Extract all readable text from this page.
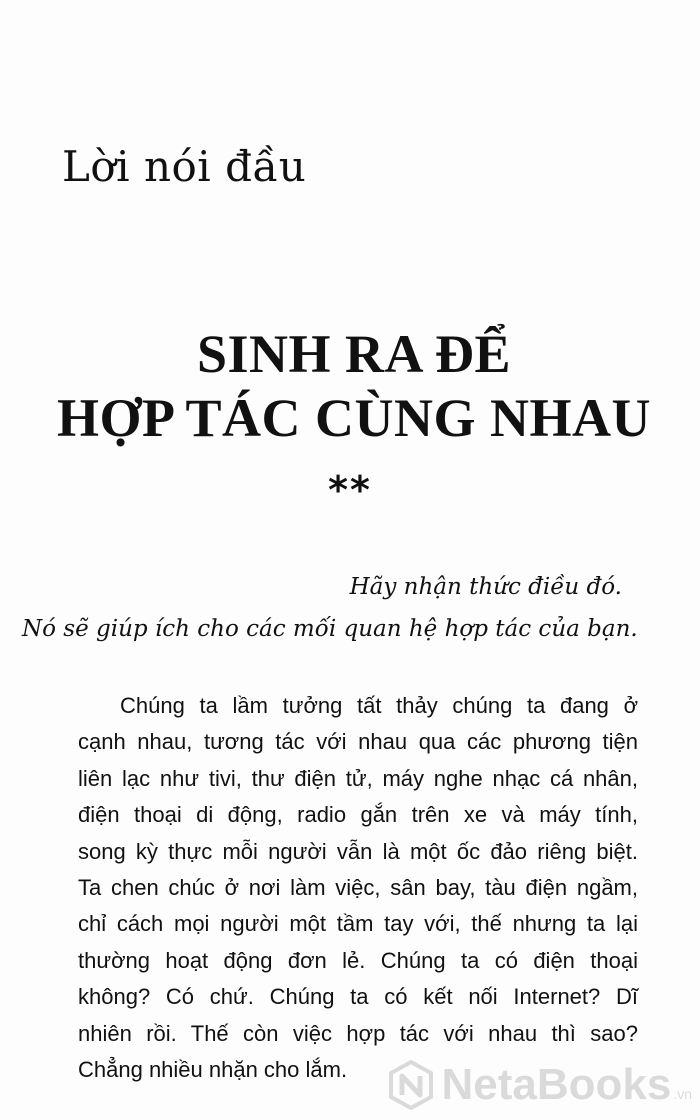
Lời nói đầu
SINH RA ĐỂ
HỢP TÁC CÙNG NHAU
**
Hãy nhận thức điều đó.
Nó sẽ giúp ích cho các mối quan hệ hợp tác của bạn.
Chúng ta lầm tưởng tất thảy chúng ta đang ở
cạnh nhau, tương tác với nhau qua các phương tiện
liên lạc như tivi, thư điện tử, máy nghe nhạc cá nhân,
điện thoại di động, radio gắn trên xe và máy tính,
song kỳ thực mỗi người vẫn là một ốc đảo riêng biệt.
Ta chen chúc ở nơi làm việc, sân bay, tàu điện ngầm,
chỉ cách mọi người một tầm tay với, thế nhưng ta lại
thường hoạt động đơn lẻ. Chúng ta có điện thoại
không? Có chứ. Chúng ta có kết nối Internet? Dĩ
nhiên rồi. Thế còn việc hợp tác với nhau thì sao?
Chẳng nhiều nhặn cho lắm.	NetaBooks .vn
